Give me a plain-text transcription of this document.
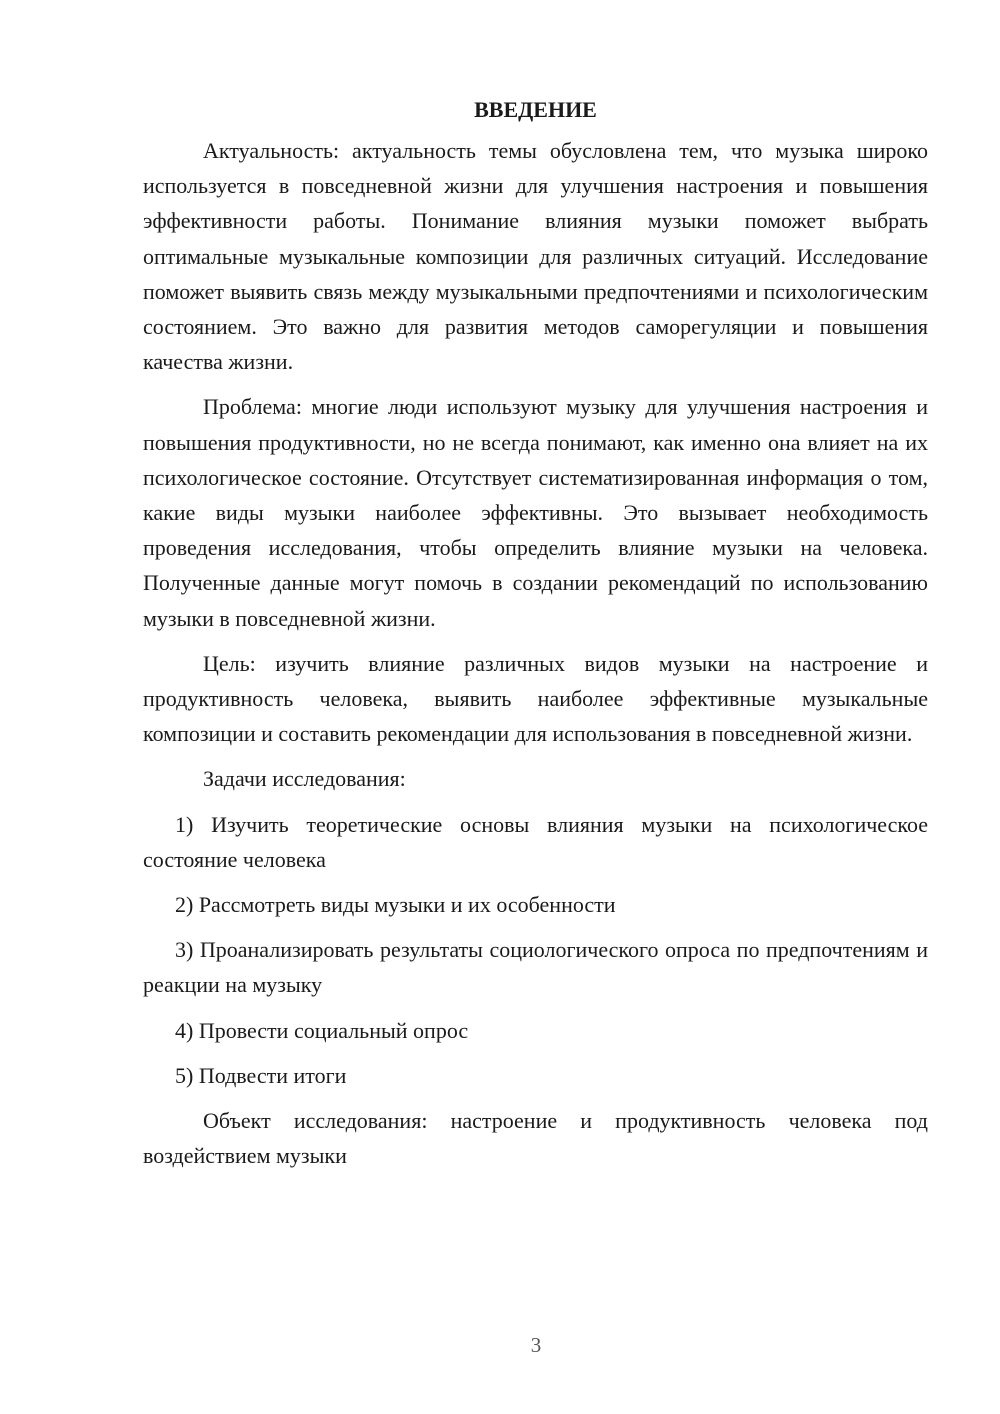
ВВЕДЕНИЕ

Актуальность: актуальность темы обусловлена тем, что музыка широко используется в повседневной жизни для улучшения настроения и повышения эффективности работы. Понимание влияния музыки поможет выбрать оптимальные музыкальные композиции для различных ситуаций. Исследование поможет выявить связь между музыкальными предпочтениями и психологическим состоянием. Это важно для развития методов саморегуляции и повышения качества жизни.

Проблема: многие люди используют музыку для улучшения настроения и повышения продуктивности, но не всегда понимают, как именно она влияет на их психологическое состояние. Отсутствует систематизированная информация о том, какие виды музыки наиболее эффективны. Это вызывает необходимость проведения исследования, чтобы определить влияние музыки на человека. Полученные данные могут помочь в создании рекомендаций по использованию музыки в повседневной жизни.

Цель: изучить влияние различных видов музыки на настроение и продуктивность человека, выявить наиболее эффективные музыкальные композиции и составить рекомендации для использования в повседневной жизни.

Задачи исследования:

1) Изучить теоретические основы влияния музыки на психологическое состояние человека

2) Рассмотреть виды музыки и их особенности

3) Проанализировать результаты социологического опроса по предпочтениям и реакции на музыку

4) Провести социальный опрос

5) Подвести итоги

Объект исследования: настроение и продуктивность человека под воздействием музыки

3
